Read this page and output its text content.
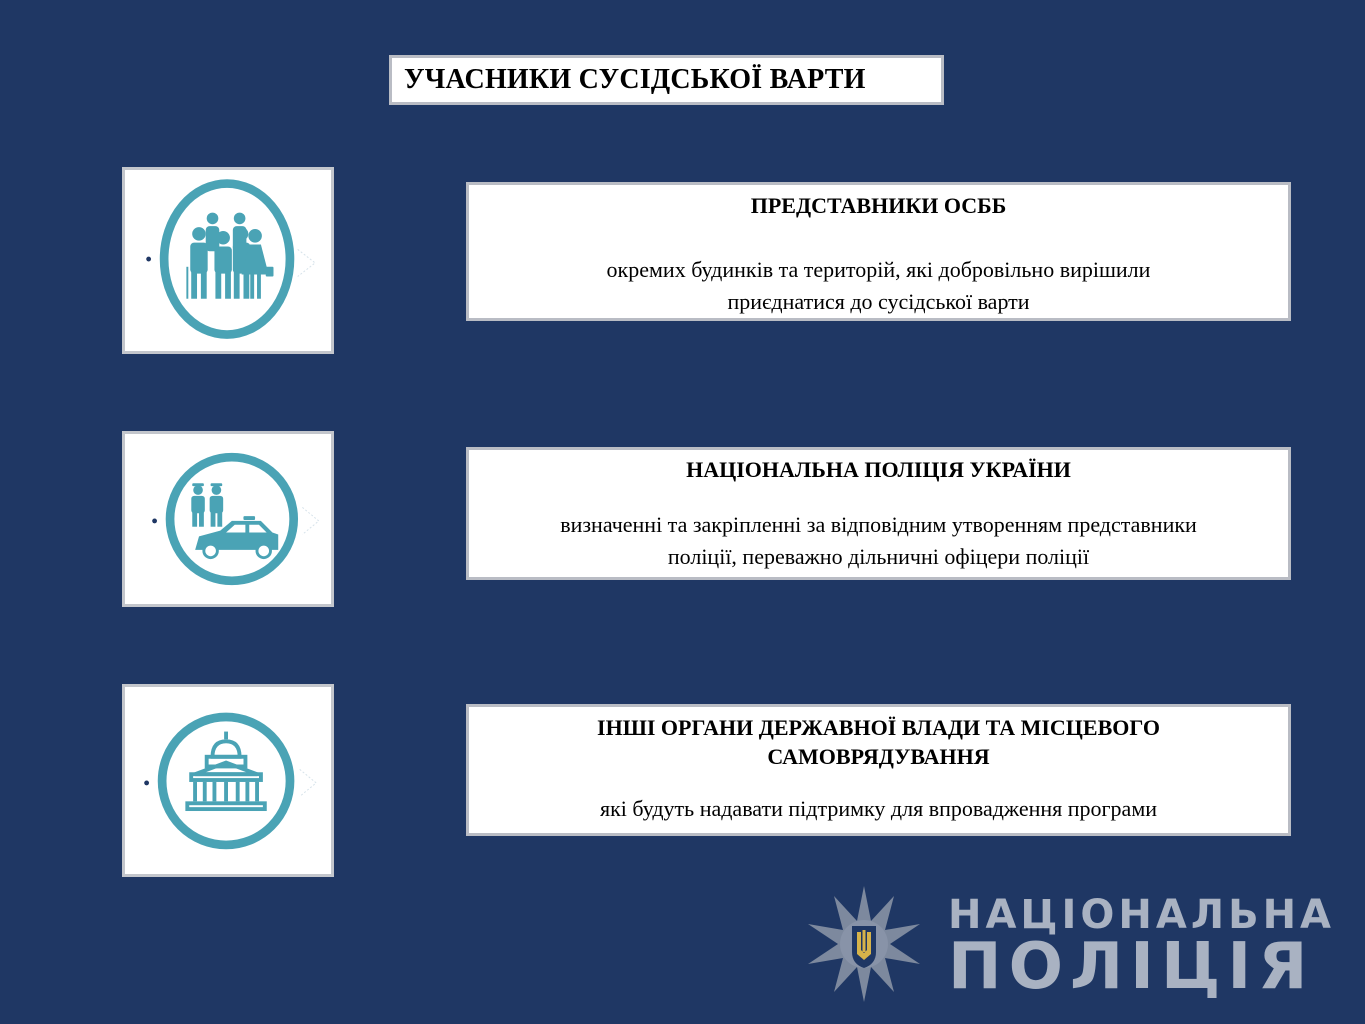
УЧАСНИКИ СУСІДСЬКОЇ ВАРТИ
ПРЕДСТАВНИКИ ОСББ
окремих будинків та територій, які добровільно вирішили
приєднатися до сусідської варти
НАЦІОНАЛЬНА ПОЛІЦІЯ УКРАЇНИ
визначенні та закріпленні за відповідним утворенням представники
поліції, переважно дільничні офіцери поліції
ІНШІ ОРГАНИ ДЕРЖАВНОЇ ВЛАДИ ТА МІСЦЕВОГО
САМОВРЯДУВАННЯ
які будуть надавати підтримку для впровадження програми
НАЦІОНАЛЬНА
ПОЛІЦІЯ
